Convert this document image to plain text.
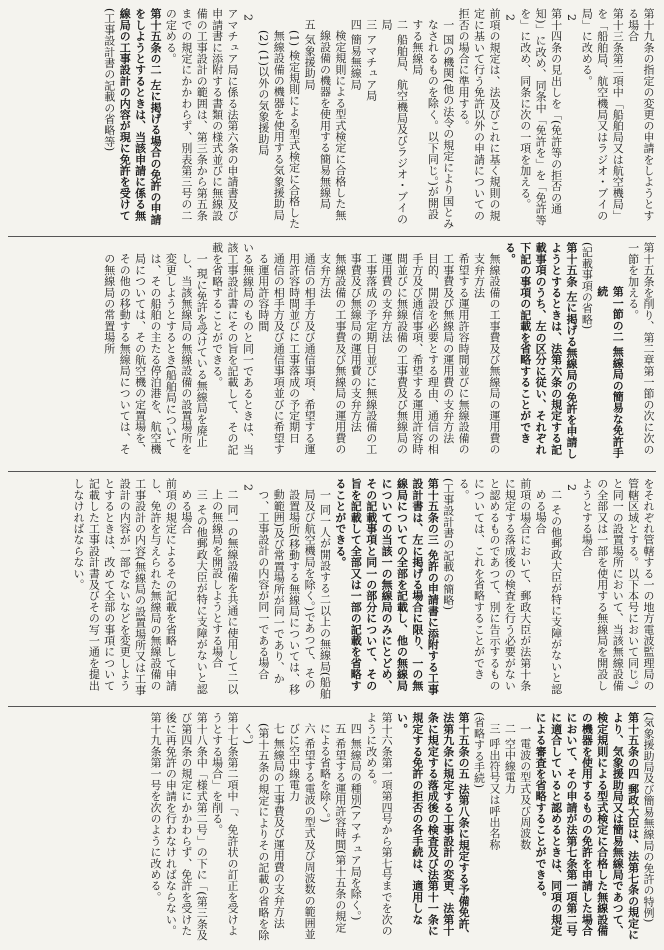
第十九条の指定の変更の申請をしようとする場合
第十三条第二項中「船舶局又は航空機局」を「船舶局、航空機局又はラジオ・ブイの局」に改める。
2
第十四条の見出しを「(免許等の拒否の通知)」に改め、同条中「免許を」を「免許等を」に改め、同条に次の一項を加える。
2
前項の規定は、法及びこれに基く規則の規定に基いて行う免許以外の申請についての拒否の場合に準用する。
一 国の機関(他の法令の規定により国とみなされるものを除く。以下同じ。)が開設する無線局
二 船舶局、航空機局及びラジオ・ブイの局
三 アマチュア局
四 簡易無線局
検定規則による型式検定に合格した無線設備の機器を使用する簡易無線局
五 気象援助局
(1) 検定規則による型式検定に合格した無線設備の機器を使用する気象援助局
(2) (1)以外の気象援助局
2
アマチュア局に係る法第六条の申請書及び申請書に添附する書類の様式並びに無線設備の工事設計の範囲は、第三条から第五条までの規定にかかわらず、別表第三号の二の定める。
第十五条の二 左に掲げる場合の免許の申請をしようとするときは、当該申請に係る無線局の工事設計の内容が現に免許を受けて
(工事設計書の記載の省略等)
第十五条を削り、第二章第一節の次に次の一節を加える。
第一節の二 無線局の簡易な免許手続
(記載事項の省略)
第十五条 左に掲げる無線局の免許を申請しようとするときは、法第六条の規定する記載事項のうち、左の区分に従い、それぞれ下記の事項の記載を省略することができる。
無線設備の工事費及び無線局の運用費の支弁方法
希望する運用許容時間並びに無線設備の工事費及び無線局の運用費の支弁方法
目的、開設を必要とする理由、通信の相手方及び通信事項、希望する運用許容時間並びに無線設備の工事費及び無線局の運用費の支弁方法
工事落成の予定期日並びに無線設備の工事費及び無線局の運用費の支弁方法
無線設備の工事費及び無線局の運用費の支弁方法
通信の相手方及び通信事項、希望する運用許容時間並びに工事落成の予定期日
通信の相手方及び通信事項並びに希望する運用許容時間
いる無線局のものと同一であるときは、当該工事設計書にその旨を記載して、その記載を省略することができる。
一 現に免許を受けている無線局を廃止し、当該無線局の無線設備の設置場所を変更しようとするとき(船舶局については、その船舶の主たる停泊港を、航空機局については、その航空機の定置場を、その他の移動する無線局については、その無線局の常置場所
をそれぞれ管轄する一の地方電波監理局の管轄区域とする。以下本号において同じ。)と同一の設置場所において、当該無線設備の全部又は一部を使用する無線局を開設しようとする場合
2
二 その他郵政大臣が特に支障がないと認める場合
前項の場合において、郵政大臣が法第十条に規定する落成後の検査を行う必要がないと認めるものであつて、別に告示するものについては、これを省略することができる。
(工事設計書の記載の簡略)
第十五条の三 免許の申請書に添附する工事設計書は、左に掲げる場合に限り、一の無線局についての全部を記載し、他の無線局についての当該一の無線局のみにとどめ、その記載事項と同一の部分について、その旨を記載して全部又は一部の記載を省略することができる。
一 同一人が開設する二以上の無線局(船舶局及び航空機局を除く。)であつて、その設置場所(移動する無線局については、移動範囲)及び常置場所が同一であり、かつ、工事設計の内容が同一である場合
2
二 同一の無線設備を共通に使用して二以上の無線局を開設しようとする場合
三 その他郵政大臣が特に支障がないと認める場合
前項の規定によるその記載を省略して申請し、免許を与えられた無線局の無線設備の工事設計の内容(無線局の設置場所又は工事設計の内容が一部でないなどを変更しようとするときは、改めて全部の事項について記載した工事設計書及びその写一通を提出しなければならない。
(気象援助局及び簡易無線局の免許の特例)
第十五条の四 郵政大臣は、法第七条の規定により、気象援助局又は簡易無線局であつて、検定規則による型式検定に合格した無線設備の機器を使用するものの免許を申請した場合において、その申請が法第七条第一項第二号に適合していると認めるときは、同項の規定による審査を省略することができる。
一 電波の型式及び周波数
二 空中線電力
三 呼出符号又は呼出名称
(省略する手続)
第十五条の五 法第八条に規定する予備免許、法第九条に規定する工事設計の変更、法第十条に規定する落成後の検査及び法第十一条に規定する免許の拒否の各手続は、適用しない。
第十六条第一項第四号から第七号までを次のように改める。
四 無線局の種別(アマチュア局を除く。)
五 希望する運用許容時間(第十五条の規定による省略を除く。)
六 希望する電波の型式及び周波数の範囲並びに空中線電力
七 無線局の工事費及び運用費の支弁方法(第十五条の規定によりその記載の省略を除く。)
第十七条第二項中「、免許状の訂正を受けようとする場合」を削る。
第十八条中「様式第二号」の下に「(第三条及び第四条の規定にかかわらず、免許を受けた後に再免許の申請を行わなければならない。
第十九条第一号を次のように改める。
